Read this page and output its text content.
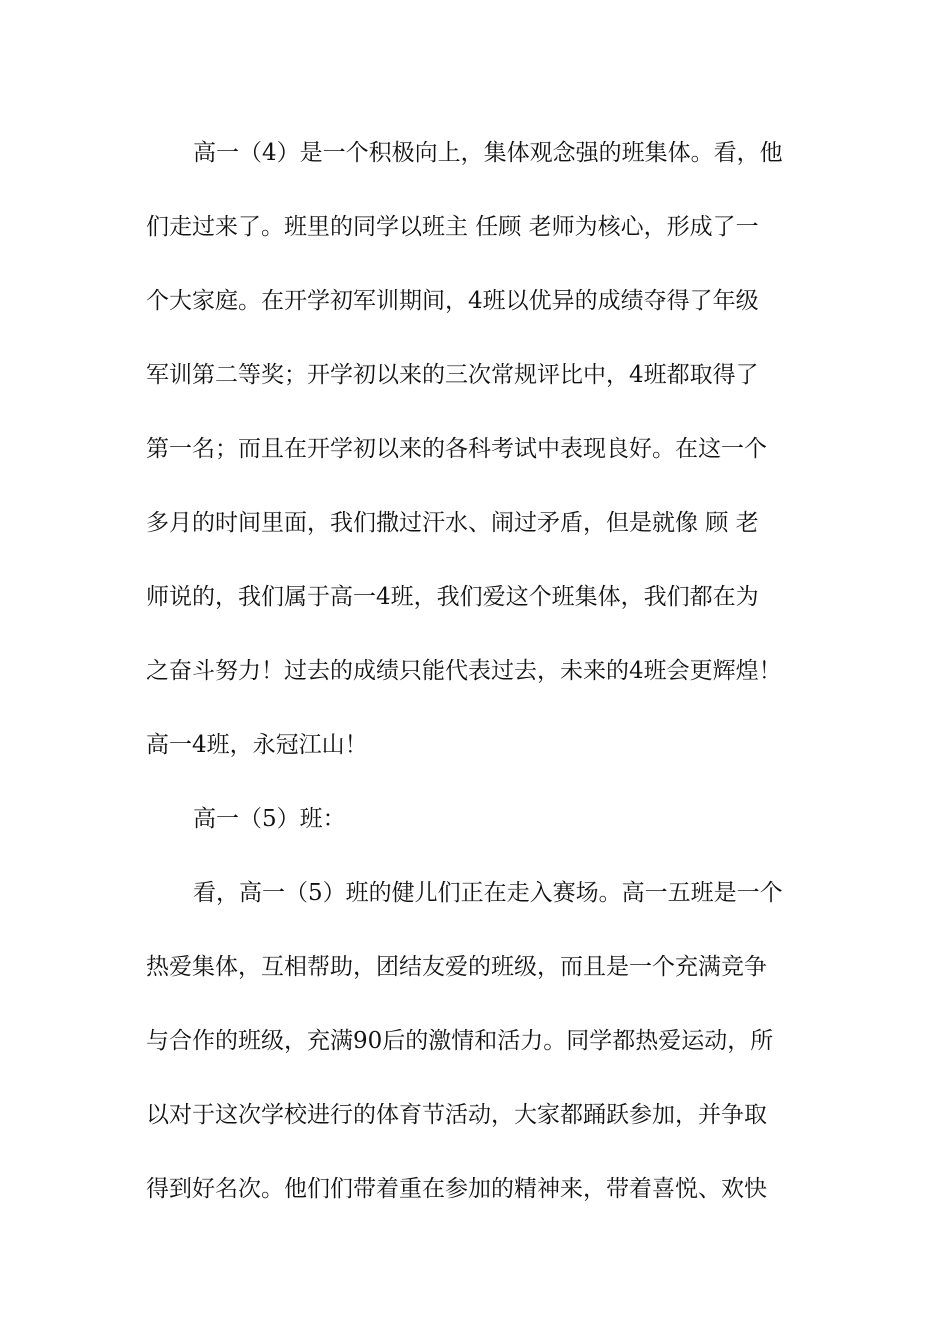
高一（4）是一个积极向上，集体观念强的班集体。看，他
们走过来了。班里的同学以班主 任顾 老师为核心，形成了一
个大家庭。在开学初军训期间，4班以优异的成绩夺得了年级
军训第二等奖；开学初以来的三次常规评比中，4班都取得了
第一名；而且在开学初以来的各科考试中表现良好。在这一个
多月的时间里面，我们撒过汗水、闹过矛盾，但是就像 顾 老
师说的，我们属于高一4班，我们爱这个班集体，我们都在为
之奋斗努力！过去的成绩只能代表过去，未来的4班会更辉煌！
高一4班，永冠江山！
高一（5）班：
看，高一（5）班的健儿们正在走入赛场。高一五班是一个
热爱集体，互相帮助，团结友爱的班级，而且是一个充满竞争
与合作的班级，充满90后的激情和活力。同学都热爱运动，所
以对于这次学校进行的体育节活动，大家都踊跃参加，并争取
得到好名次。他们们带着重在参加的精神来，带着喜悦、欢快
